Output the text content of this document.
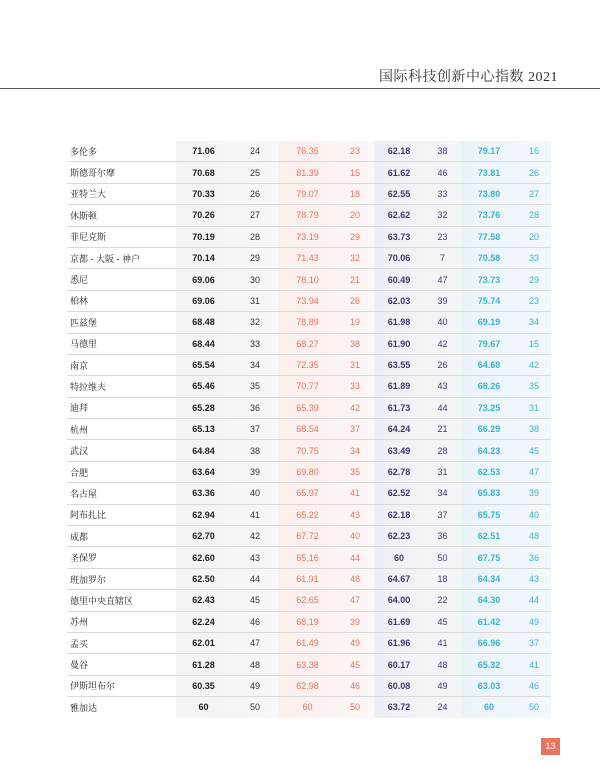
国际科技创新中心指数 2021
多伦多	71.06	24	76.35	23	62.18	38	79.17	16
斯德哥尔摩	70.68	25	81.39	15	61.62	46	73.81	26
亚特兰大	70.33	26	79.07	18	62.55	33	73.80	27
休斯顿	70.26	27	78.79	20	62.62	32	73.76	28
菲尼克斯	70.19	28	73.19	29	63.73	23	77.58	20
京都 - 大阪 - 神户	70.14	29	71.43	32	70.06	7	70.58	33
悉尼	69.06	30	78.10	21	60.49	47	73.73	29
柏林	69.06	31	73.94	26	62.03	39	75.74	23
匹兹堡	68.48	32	78.89	19	61.98	40	69.19	34
马德里	68.44	33	68.27	38	61.90	42	79.67	15
南京	65.54	34	72.35	31	63.55	26	64.68	42
特拉维夫	65.46	35	70.77	33	61.89	43	68.26	35
迪拜	65.28	36	65.39	42	61.73	44	73.25	31
杭州	65.13	37	68.54	37	64.24	21	66.29	38
武汉	64.84	38	70.75	34	63.49	28	64.23	45
合肥	63.64	39	69.80	35	62.78	31	62.53	47
名古屋	63.36	40	65.97	41	62.52	34	65.83	39
阿布扎比	62.94	41	65.22	43	62.18	37	65.75	40
成都	62.70	42	67.72	40	62.23	36	62.51	48
圣保罗	62.60	43	65.16	44	60	50	67.75	36
班加罗尔	62.50	44	61.91	48	64.67	18	64.34	43
德里中央直辖区	62.43	45	62.65	47	64.00	22	64.30	44
苏州	62.24	46	68.19	39	61.69	45	61.42	49
孟买	62.01	47	61.49	49	61.96	41	66.96	37
曼谷	61.28	48	63.38	45	60.17	48	65.32	41
伊斯坦布尔	60.35	49	62.98	46	60.08	49	63.03	46
雅加达	60	50	60	50	63.72	24	60	50
13
